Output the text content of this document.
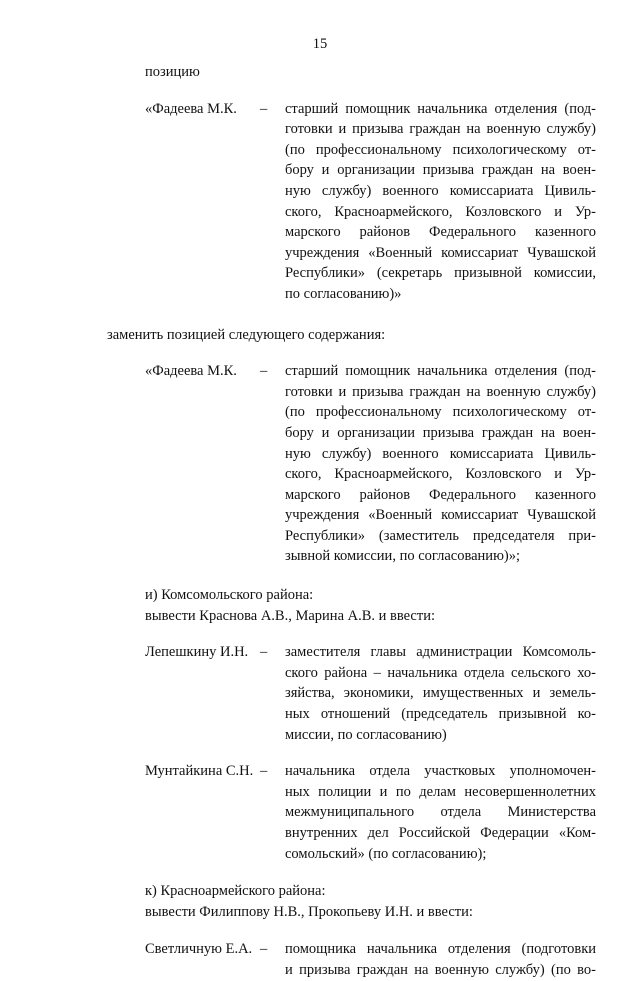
15
позицию
«Фадеева М.К.	–	старший помощник начальника отделения (под-
готовки и призыва граждан на военную службу)
(по профессиональному психологическому от-
бору и организации призыва граждан на воен-
ную службу) военного комиссариата Цивиль-
ского, Красноармейского, Козловского и Ур-
марского районов Федерального казенного
учреждения «Военный комиссариат Чувашской
Республики» (секретарь призывной комиссии,
по согласованию)»
заменить позицией следующего содержания:
«Фадеева М.К.	–	старший помощник начальника отделения (под-
готовки и призыва граждан на военную службу)
(по профессиональному психологическому от-
бору и организации призыва граждан на воен-
ную службу) военного комиссариата Цивиль-
ского, Красноармейского, Козловского и Ур-
марского районов Федерального казенного
учреждения «Военный комиссариат Чувашской
Республики» (заместитель председателя при-
зывной комиссии, по согласованию)»;
и) Комсомольского района:
вывести Краснова А.В., Марина А.В. и ввести:
Лепешкину И.Н. –	заместителя главы администрации Комсомоль-
ского района – начальника отдела сельского хо-
зяйства, экономики, имущественных и земель-
ных отношений (председатель призывной ко-
миссии, по согласованию)
Мунтайкина С.Н. –	начальника отдела участковых уполномочен-
ных полиции и по делам несовершеннолетних
межмуниципального отдела Министерства
внутренних дел Российской Федерации «Ком-
сомольский» (по согласованию);
к) Красноармейского района:
вывести Филиппову Н.В., Прокопьеву И.Н. и ввести:
Светличную Е.А. –	помощника начальника отделения (подготовки
и призыва граждан на военную службу) (по во-
